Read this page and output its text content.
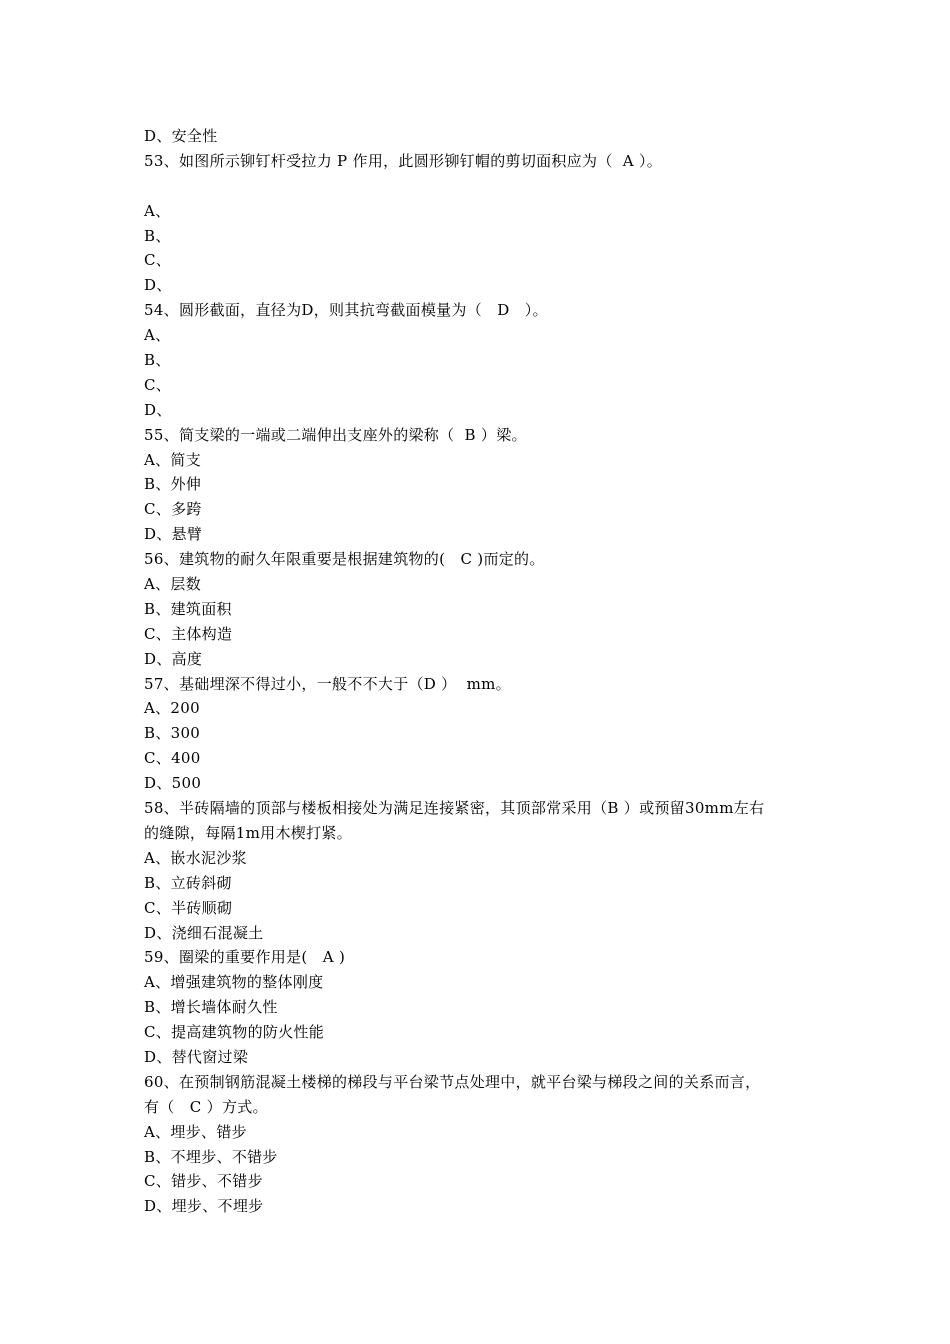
D、安全性
53、如图所示铆钉杆受拉力 P 作用，此圆形铆钉帽的剪切面积应为（  A ）。
A、
B、
C、
D、
54、圆形截面，直径为D，则其抗弯截面模量为（   D   ）。
A、
B、
C、
D、
55、简支梁的一端或二端伸出支座外的梁称（  B ）梁。
A、简支
B、外伸
C、多跨
D、悬臂
56、建筑物的耐久年限重要是根据建筑物的(   C )而定的。
A、层数
B、建筑面积
C、主体构造
D、高度
57、基础埋深不得过小，一般不不大于（D ）  mm。
A、200
B、300
C、400
D、500
58、半砖隔墙的顶部与楼板相接处为满足连接紧密，其顶部常采用（B ）或预留30mm左右
的缝隙，每隔1m用木楔打紧。
A、嵌水泥沙浆
B、立砖斜砌
C、半砖顺砌
D、浇细石混凝土
59、圈梁的重要作用是(   A )
A、增强建筑物的整体刚度
B、增长墙体耐久性
C、提高建筑物的防火性能
D、替代窗过梁
60、在预制钢筋混凝土楼梯的梯段与平台梁节点处理中，就平台梁与梯段之间的关系而言，
有（   C ）方式。
A、埋步、错步
B、不埋步、不错步
C、错步、不错步
D、埋步、不埋步
